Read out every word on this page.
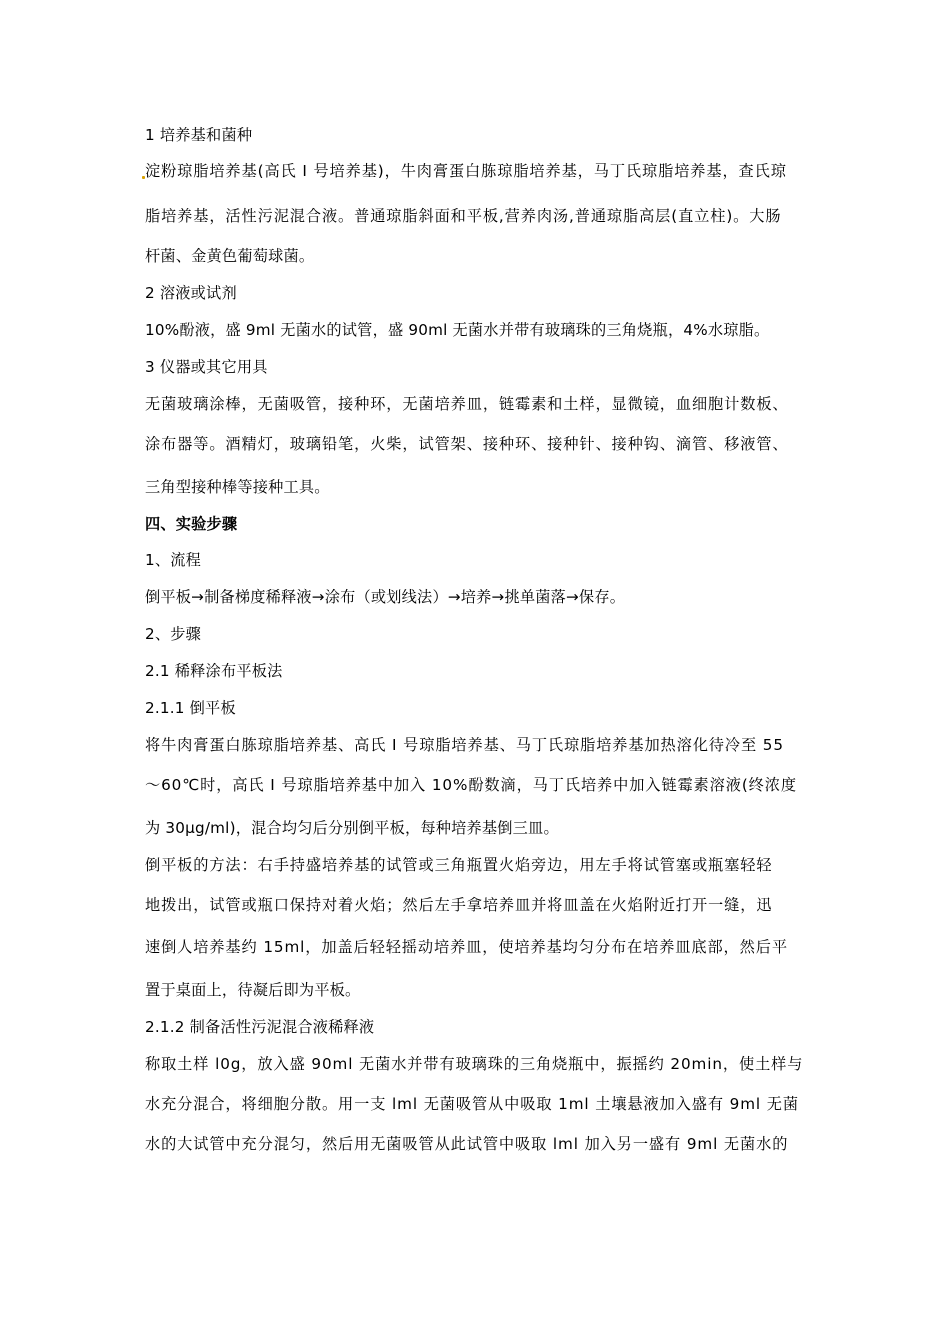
1 培养基和菌种
淀粉琼脂培养基(高氏 I 号培养基)，牛肉膏蛋白胨琼脂培养基，马丁氏琼脂培养基，查氏琼
脂培养基，活性污泥混合液。普通琼脂斜面和平板,营养肉汤,普通琼脂高层(直立柱)。大肠
杆菌、金黄色葡萄球菌。
2 溶液或试剂
10%酚液，盛 9ml 无菌水的试管，盛 90ml 无菌水并带有玻璃珠的三角烧瓶，4%水琼脂。
3 仪器或其它用具
无菌玻璃涂棒，无菌吸管，接种环，无菌培养皿，链霉素和土样，显微镜，血细胞计数板、
涂布器等。酒精灯，玻璃铅笔，火柴，试管架、接种环、接种针、接种钩、滴管、移液管、
三角型接种棒等接种工具。
四、实验步骤
1、流程
倒平板→制备梯度稀释液→涂布（或划线法）→培养→挑单菌落→保存。
2、步骤
2.1 稀释涂布平板法
2.1.1 倒平板
将牛肉膏蛋白胨琼脂培养基、高氏 I 号琼脂培养基、马丁氏琼脂培养基加热溶化待冷至 55
～60℃时，高氏 I 号琼脂培养基中加入 10%酚数滴，马丁氏培养中加入链霉素溶液(终浓度
为 30μg/ml)，混合均匀后分别倒平板，每种培养基倒三皿。
倒平板的方法：右手持盛培养基的试管或三角瓶置火焰旁边，用左手将试管塞或瓶塞轻轻
地拨出，试管或瓶口保持对着火焰；然后左手拿培养皿并将皿盖在火焰附近打开一缝，迅
速倒人培养基约 15ml，加盖后轻轻摇动培养皿，使培养基均匀分布在培养皿底部，然后平
置于桌面上，待凝后即为平板。
2.1.2 制备活性污泥混合液稀释液
称取土样 l0g，放入盛 90ml 无菌水并带有玻璃珠的三角烧瓶中，振摇约 20min，使土样与
水充分混合，将细胞分散。用一支 lml 无菌吸管从中吸取 1ml 土壤悬液加入盛有 9ml 无菌
水的大试管中充分混匀，然后用无菌吸管从此试管中吸取 lml 加入另一盛有 9ml 无菌水的
